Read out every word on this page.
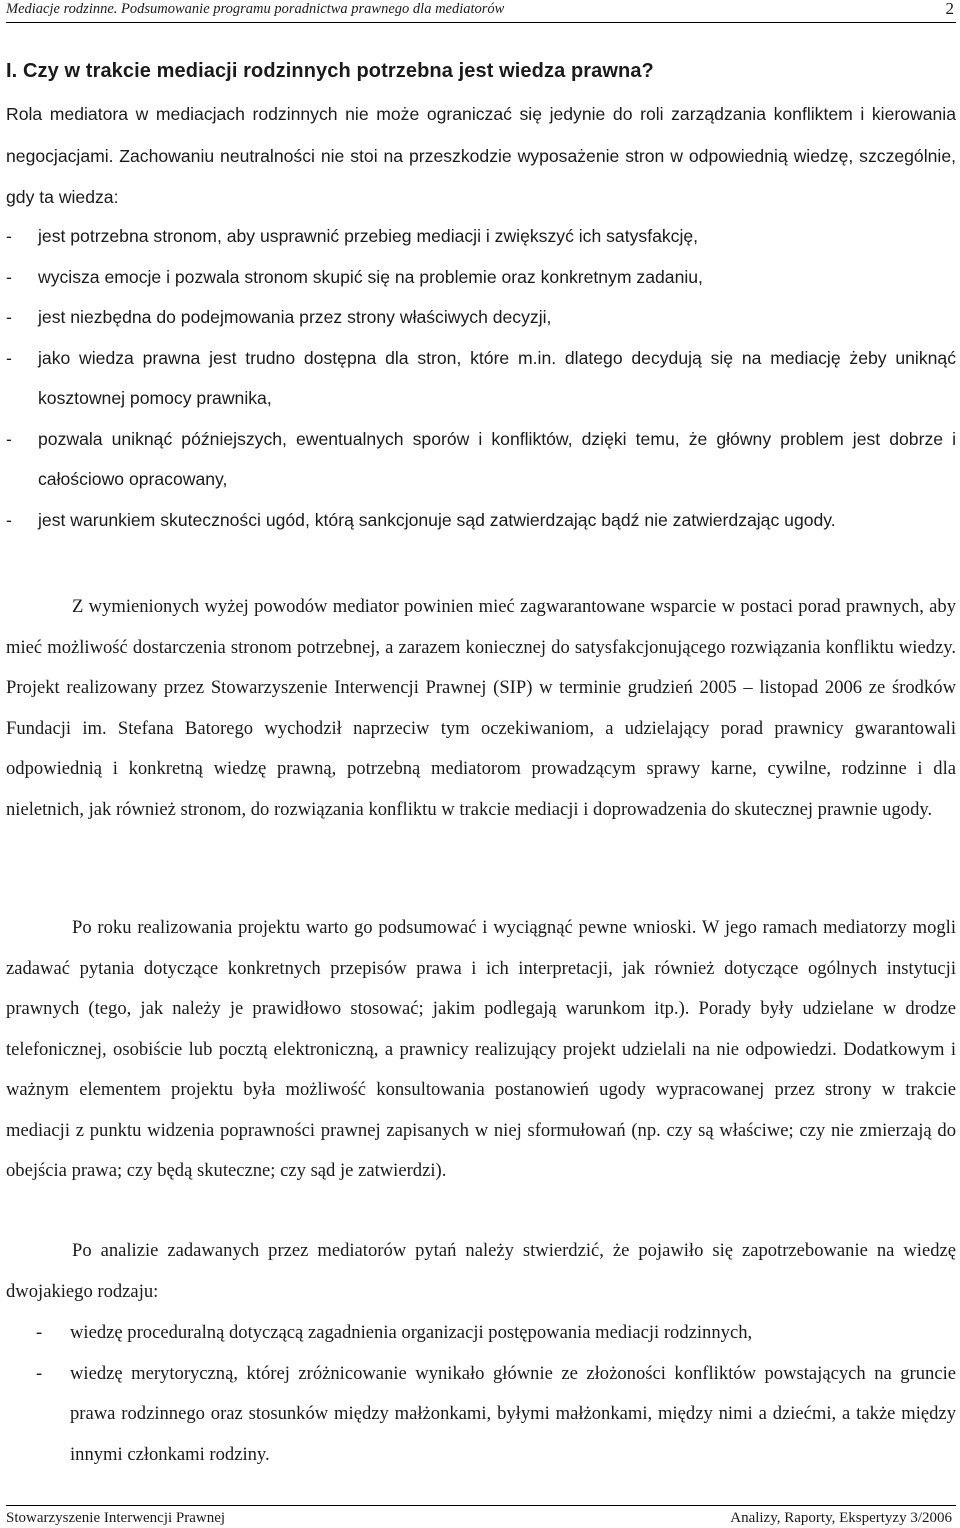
Mediacje rodzinne. Podsumowanie programu poradnictwa prawnego dla mediatorów	2
I. Czy w trakcie mediacji rodzinnych potrzebna jest wiedza prawna?

Rola mediatora w mediacjach rodzinnych nie może ograniczać się jedynie do roli zarządzania konfliktem i kierowania negocjacjami. Zachowaniu neutralności nie stoi na przeszkodzie wyposażenie stron w odpowiednią wiedzę, szczególnie, gdy ta wiedza:

- jest potrzebna stronom, aby usprawnić przebieg mediacji i zwiększyć ich satysfakcję,
- wycisza emocje i pozwala stronom skupić się na problemie oraz konkretnym zadaniu,
- jest niezbędna do podejmowania przez strony właściwych decyzji,
- jako wiedza prawna jest trudno dostępna dla stron, które m.in. dlatego decydują się na mediację żeby uniknąć kosztownej pomocy prawnika,
- pozwala uniknąć późniejszych, ewentualnych sporów i konfliktów, dzięki temu, że główny problem jest dobrze i całościowo opracowany,
- jest warunkiem skuteczności ugód, którą sankcjonuje sąd zatwierdzając bądź nie zatwierdzając ugody.

Z wymienionych wyżej powodów mediator powinien mieć zagwarantowane wsparcie w postaci porad prawnych, aby mieć możliwość dostarczenia stronom potrzebnej, a zarazem koniecznej do satysfakcjonującego rozwiązania konfliktu wiedzy. Projekt realizowany przez Stowarzyszenie Interwencji Prawnej (SIP) w terminie grudzień 2005 – listopad 2006 ze środków Fundacji im. Stefana Batorego wychodził naprzeciw tym oczekiwaniom, a udzielający porad prawnicy gwarantowali odpowiednią i konkretną wiedzę prawną, potrzebną mediatorom prowadzącym sprawy karne, cywilne, rodzinne i dla nieletnich, jak również stronom, do rozwiązania konfliktu w trakcie mediacji i doprowadzenia do skutecznej prawnie ugody.

Po roku realizowania projektu warto go podsumować i wyciągnąć pewne wnioski. W jego ramach mediatorzy mogli zadawać pytania dotyczące konkretnych przepisów prawa i ich interpretacji, jak również dotyczące ogólnych instytucji prawnych (tego, jak należy je prawidłowo stosować; jakim podlegają warunkom itp.). Porady były udzielane w drodze telefonicznej, osobiście lub pocztą elektroniczną, a prawnicy realizujący projekt udzielali na nie odpowiedzi. Dodatkowym i ważnym elementem projektu była możliwość konsultowania postanowień ugody wypracowanej przez strony w trakcie mediacji z punktu widzenia poprawności prawnej zapisanych w niej sformułowań (np. czy są właściwe; czy nie zmierzają do obejścia prawa; czy będą skuteczne; czy sąd je zatwierdzi).

Po analizie zadawanych przez mediatorów pytań należy stwierdzić, że pojawiło się zapotrzebowanie na wiedzę dwojakiego rodzaju:

- wiedzę proceduralną dotyczącą zagadnienia organizacji postępowania mediacji rodzinnych,
- wiedzę merytoryczną, której zróżnicowanie wynikało głównie ze złożoności konfliktów powstających na gruncie prawa rodzinnego oraz stosunków między małżonkami, byłymi małżonkami, między nimi a dziećmi, a także między innymi członkami rodziny.
Stowarzyszenie Interwencji Prawnej	Analizy, Raporty, Ekspertyzy 3/2006
